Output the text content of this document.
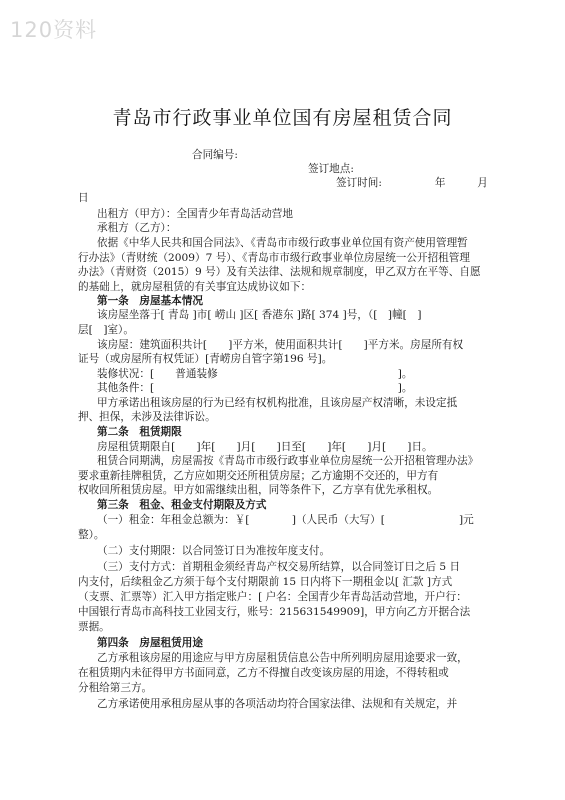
120资料
青岛市行政事业单位国有房屋租赁合同
合同编号:
签订地点:
签订时间:　　　　　年　　　月
日
出租方（甲方）：全国青少年青岛活动营地
承租方（乙方）：
依据《中华人民共和国合同法》、《青岛市市级行政事业单位国有资产使用管理暂
行办法》（青财统（2009）7 号）、《青岛市市级行政事业单位房屋统一公开招租管理
办法》（青财资（2015）9 号）及有关法律、法规和规章制度，甲乙双方在平等、自愿
的基础上，就房屋租赁的有关事宜达成协议如下：
第一条　房屋基本情况
该房屋坐落于[ 青岛 ]市[ 崂山 ]区[ 香港东 ]路[ 374 ]号，（[　]幢[　]
层[　]室）。
该房屋：建筑面积共计[　　]平方米，使用面积共计[　　]平方米。房屋所有权
证号（或房屋所有权凭证）[青崂房自管字第196 号]。
装修状况：[　　普通装修　　　　　　　　　　　　　　　　　]。
其他条件：[　　　　　　　　　　　　　　　　　　　　　　　]。
甲方承诺出租该房屋的行为已经有权机构批准，且该房屋产权清晰，未设定抵
押、担保，未涉及法律诉讼。
第二条　租赁期限
房屋租赁期限自[　　]年[　　]月[　　]日至[　　]年[　　]月[　　]日。
租赁合同期满，房屋需按《青岛市市级行政事业单位房屋统一公开招租管理办法》
要求重新挂牌租赁，乙方应如期交还所租赁房屋；乙方逾期不交还的，甲方有
权收回所租赁房屋。甲方如需继续出租，同等条件下，乙方享有优先承租权。
第三条　租金、租金支付期限及方式
（一）租金：年租金总额为：￥[　　　　]（人民币（大写）[　　　　　　　]元
整）。
（二）支付期限：以合同签订日为准按年度支付。
（三）支付方式：首期租金须经青岛产权交易所结算，以合同签订日之后 5 日
内支付，后续租金乙方须于每个支付期限前 15 日内将下一期租金以[ 汇款 ]方式
（支票、汇票等）汇入甲方指定账户：[ 户名：全国青少年青岛活动营地，开户行：
中国银行青岛市高科技工业园支行，账号：215631549909]，甲方向乙方开据合法
票据。
第四条　房屋租赁用途
乙方承租该房屋的用途应与甲方房屋租赁信息公告中所列明房屋用途要求一致，
在租赁期内未征得甲方书面同意，乙方不得擅自改变该房屋的用途，不得转租或
分租给第三方。
乙方承诺使用承租房屋从事的各项活动均符合国家法律、法规和有关规定，并
